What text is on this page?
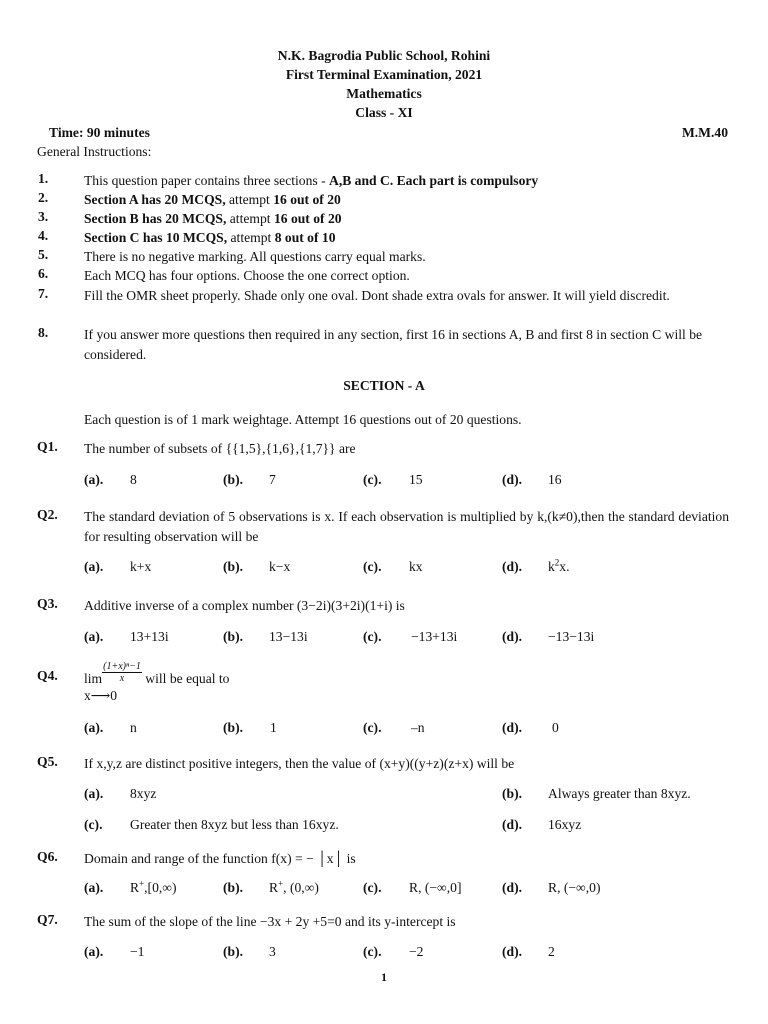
N.K. Bagrodia Public School, Rohini
First Terminal Examination, 2021
Mathematics
Class - XI
Time: 90 minutes	M.M.40
General Instructions:
1.	This question paper contains three sections - A,B and C. Each part is compulsory
2.	Section A has 20 MCQS, attempt 16 out of 20
3.	Section B has 20 MCQS, attempt 16 out of 20
4.	Section C has 10 MCQS, attempt 8 out of 10
5.	There is no negative marking. All questions carry equal marks.
6.	Each MCQ has four options. Choose the one correct option.
7.	Fill the OMR sheet properly. Shade only one oval. Dont shade extra ovals for answer. It will yield discredit.
8.	If you answer more questions then required in any section, first 16 in sections A, B and first 8 in section C will be considered.
SECTION - A
Each question is of 1 mark weightage. Attempt 16 questions out of 20 questions.
Q1. The number of subsets of {{1,5},{1,6},{1,7}} are
(a). 8	(b). 7	(c). 15	(d). 16
Q2. The standard deviation of 5 observations is x. If each observation is multiplied by k,(k≠0),then the standard deviation for resulting observation will be
(a). k+x	(b). k−x	(c). kx	(d). $k^2x$.
Q3. Additive inverse of a complex number (3−2i)(3+2i)(1+i) is
(a). 13+13i	(b). 13−13i	(c). −13+13i	(d). −13−13i
Q4. $\lim \frac{\text{(1+x)ⁿ−1}}{x}$ will be equal to
x⟶0
(a). n	(b). 1	(c). –n	(d). 0
Q5. If x,y,z are distinct positive integers, then the value of (x+y)((y+z)(z+x) will be
(a). 8xyz	(b). Always greater than 8xyz.
(c). Greater then 8xyz but less than 16xyz.	(d). 16xyz
Q6. Domain and range of the function f(x) = − │x│ is
(a). R+,[0,∞)	(b). R+, (0,∞)	(c). R, (−∞,0]	(d). R, (−∞,0)
Q7. The sum of the slope of the line −3x + 2y +5=0 and its y-intercept is
(a). −1	(b). 3	(c). −2	(d). 2
1
